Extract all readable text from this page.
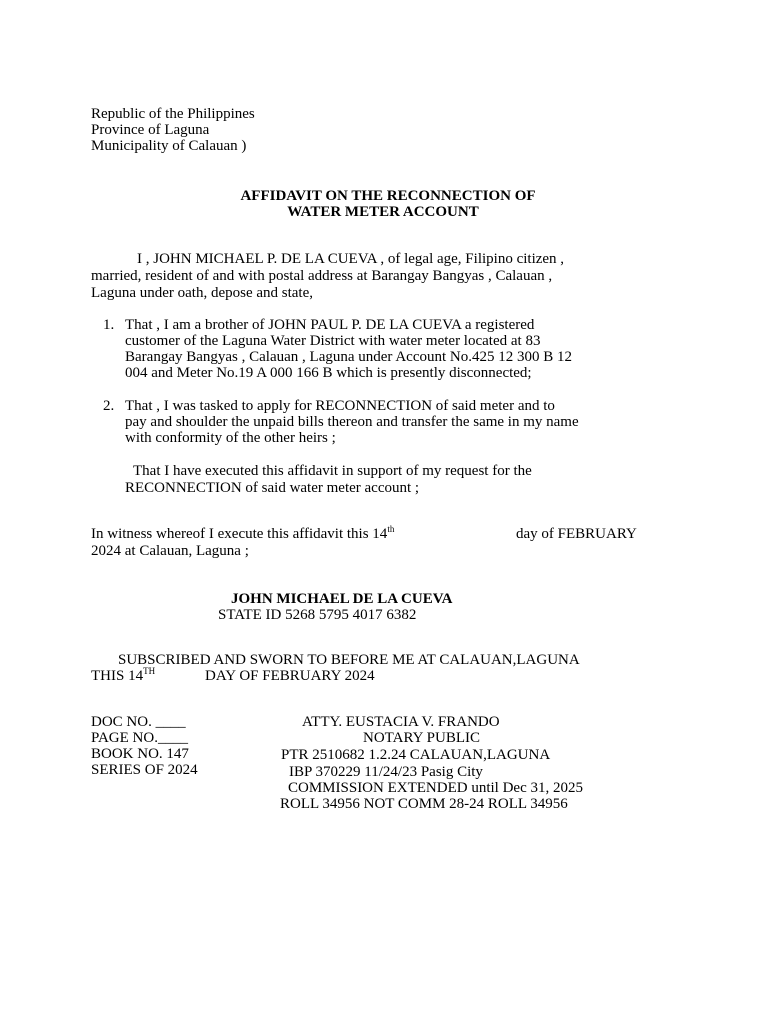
Republic of the Philippines
Province of Laguna
Municipality of Calauan )
AFFIDAVIT ON THE RECONNECTION OF
WATER METER ACCOUNT
I , JOHN MICHAEL P. DE LA CUEVA , of legal age, Filipino citizen ,
married, resident of and with postal address at Barangay Bangyas , Calauan ,
Laguna under oath, depose and state,
1. That , I am a brother of JOHN PAUL P. DE LA CUEVA a registered
customer of the Laguna Water District with water meter located at 83
Barangay Bangyas , Calauan , Laguna under Account No.425 12 300 B 12
004 and Meter No.19 A 000 166 B which is presently disconnected;
2. That , I was tasked to apply for RECONNECTION of said meter and to
pay and shoulder the unpaid bills thereon and transfer the same in my name
with conformity of the other heirs ;
That I have executed this affidavit in support of my request for the
RECONNECTION of said water meter account ;
In witness whereof I execute this affidavit this 14th	day of FEBRUARY
2024 at Calauan, Laguna ;
JOHN MICHAEL DE LA CUEVA
STATE ID 5268 5795 4017 6382
SUBSCRIBED AND SWORN TO BEFORE ME AT CALAUAN,LAGUNA
THIS 14TH	DAY OF FEBRUARY 2024
DOC NO. ____
PAGE NO.____
BOOK NO. 147
SERIES OF 2024
ATTY. EUSTACIA V. FRANDO
NOTARY PUBLIC
PTR 2510682 1.2.24 CALAUAN,LAGUNA
IBP 370229 11/24/23 Pasig City
COMMISSION EXTENDED until Dec 31, 2025
ROLL 34956 NOT COMM 28-24 ROLL 34956
